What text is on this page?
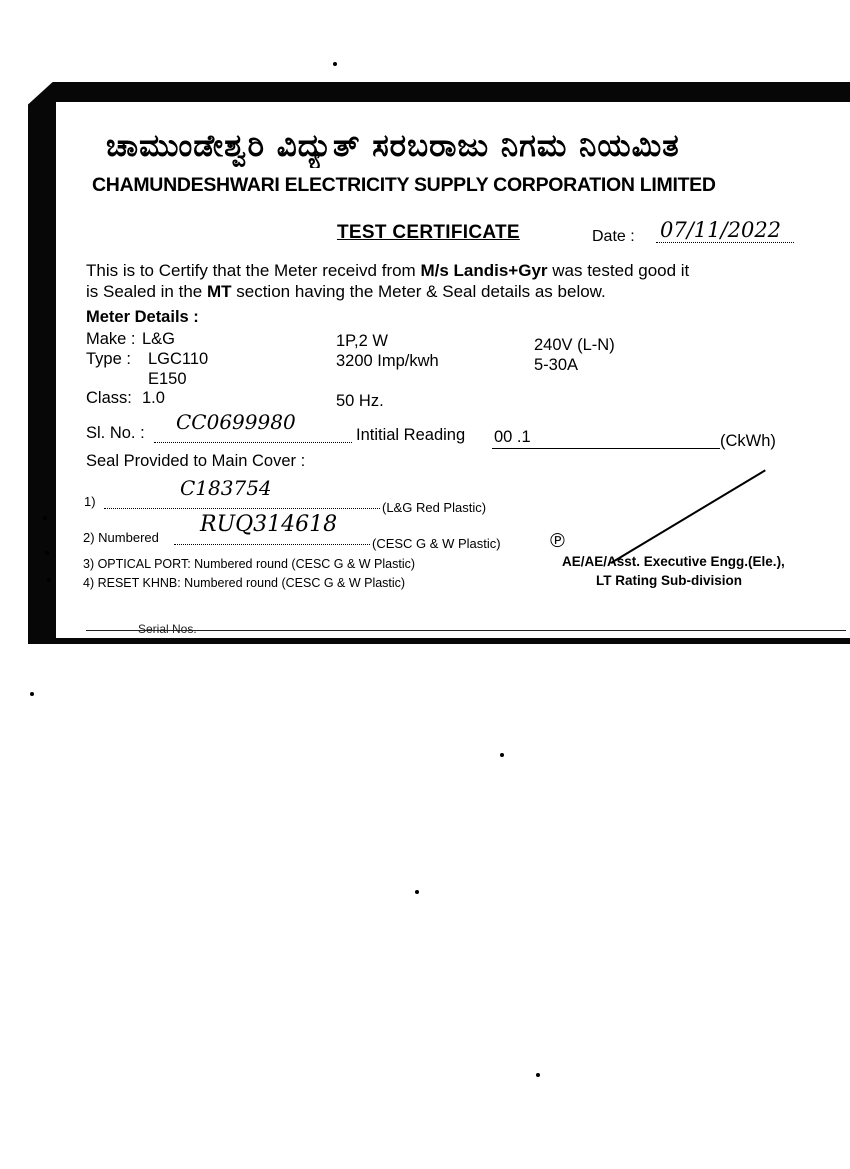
ಚಾಮುಂಡೇಶ್ವರಿ ವಿದ್ಯುತ್ ಸರಬರಾಜು ನಿಗಮ ನಿಯಮಿತ
CHAMUNDESHWARI ELECTRICITY SUPPLY CORPORATION LIMITED
TEST CERTIFICATE	Date : 07/11/2022
This is to Certify that the Meter receivd from M/s Landis+Gyr was tested good it
is Sealed in the MT section having the Meter & Seal details as below.
Meter Details :
Make : L&G
Type : LGC110
E150
Class: 1.0
1P,2 W
3200 Imp/kwh
50 Hz.
240V (L-N)
5-30A
Sl. No. : CC0699980
Intitial Reading 00 .1	(CkWh)
Seal Provided to Main Cover :
1)
C183754
(L&G Red Plastic)
2) Numbered
RUQ314618
(CESC G & W Plastic)
3) OPTICAL PORT: Numbered round (CESC G & W Plastic)
4) RESET KHNB: Numbered round (CESC G & W Plastic)
℗
AE/AE/Asst. Executive Engg.(Ele.),
LT Rating Sub-division
Serial Nos.
